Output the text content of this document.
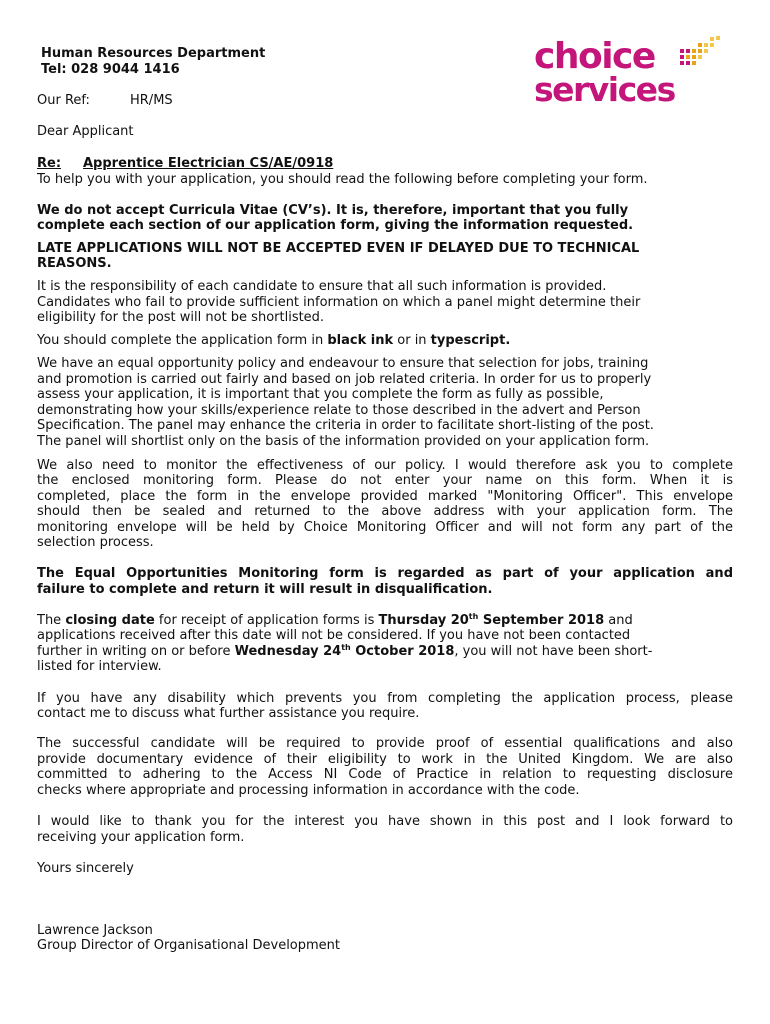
choice
services
Human Resources Department
Tel: 028 9044 1416
Our Ref:	HR/MS
Dear Applicant
Re: Apprentice Electrician CS/AE/0918
To help you with your application, you should read the following before completing your form.
We do not accept Curricula Vitae (CV’s). It is, therefore, important that you fully
complete each section of our application form, giving the information requested.
LATE APPLICATIONS WILL NOT BE ACCEPTED EVEN IF DELAYED DUE TO TECHNICAL
REASONS.
It is the responsibility of each candidate to ensure that all such information is provided.
Candidates who fail to provide sufficient information on which a panel might determine their
eligibility for the post will not be shortlisted.
You should complete the application form in black ink or in typescript.
We have an equal opportunity policy and endeavour to ensure that selection for jobs, training
and promotion is carried out fairly and based on job related criteria. In order for us to properly
assess your application, it is important that you complete the form as fully as possible,
demonstrating how your skills/experience relate to those described in the advert and Person
Specification. The panel may enhance the criteria in order to facilitate short-listing of the post.
The panel will shortlist only on the basis of the information provided on your application form.
We also need to monitor the effectiveness of our policy. I would therefore ask you to complete
the enclosed monitoring form. Please do not enter your name on this form. When it is
completed, place the form in the envelope provided marked "Monitoring Officer". This envelope
should then be sealed and returned to the above address with your application form. The
monitoring envelope will be held by Choice Monitoring Officer and will not form any part of the
selection process.
The Equal Opportunities Monitoring form is regarded as part of your application and
failure to complete and return it will result in disqualification.
The closing date for receipt of application forms is Thursday 20th September 2018 and
applications received after this date will not be considered. If you have not been contacted
further in writing on or before Wednesday 24th October 2018, you will not have been short-
listed for interview.
If you have any disability which prevents you from completing the application process, please
contact me to discuss what further assistance you require.
The successful candidate will be required to provide proof of essential qualifications and also
provide documentary evidence of their eligibility to work in the United Kingdom. We are also
committed to adhering to the Access NI Code of Practice in relation to requesting disclosure
checks where appropriate and processing information in accordance with the code.
I would like to thank you for the interest you have shown in this post and I look forward to
receiving your application form.
Yours sincerely
Lawrence Jackson
Group Director of Organisational Development
